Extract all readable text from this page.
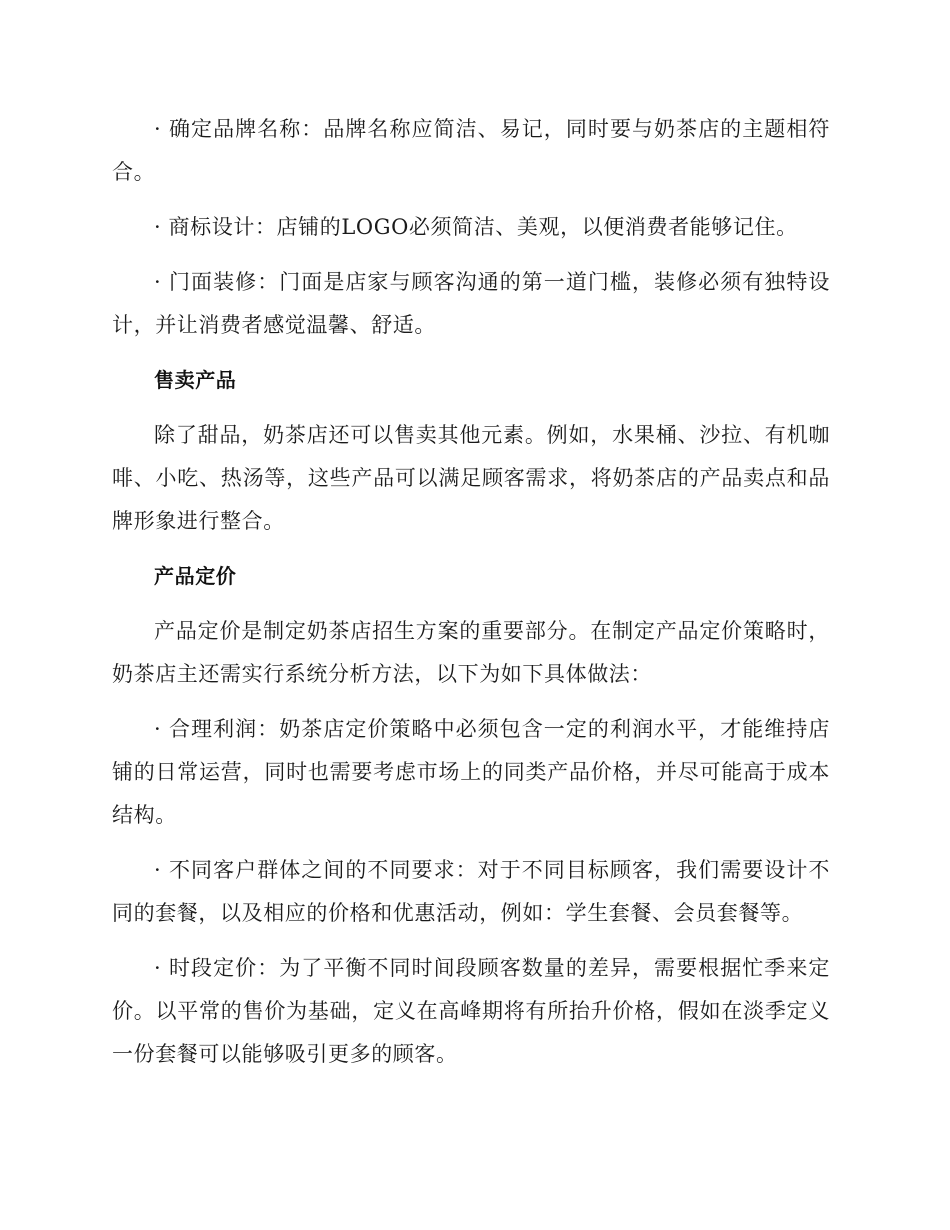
· 确定品牌名称：品牌名称应简洁、易记，同时要与奶茶店的主题相符合。

· 商标设计：店铺的LOGO必须简洁、美观，以便消费者能够记住。

· 门面装修：门面是店家与顾客沟通的第一道门槛，装修必须有独特设计，并让消费者感觉温馨、舒适。

售卖产品

除了甜品，奶茶店还可以售卖其他元素。例如，水果桶、沙拉、有机咖啡、小吃、热汤等，这些产品可以满足顾客需求，将奶茶店的产品卖点和品牌形象进行整合。

产品定价

产品定价是制定奶茶店招生方案的重要部分。在制定产品定价策略时，奶茶店主还需实行系统分析方法，以下为如下具体做法：

· 合理利润：奶茶店定价策略中必须包含一定的利润水平，才能维持店铺的日常运营，同时也需要考虑市场上的同类产品价格，并尽可能高于成本结构。

· 不同客户群体之间的不同要求：对于不同目标顾客，我们需要设计不同的套餐，以及相应的价格和优惠活动，例如：学生套餐、会员套餐等。

· 时段定价：为了平衡不同时间段顾客数量的差异，需要根据忙季来定价。以平常的售价为基础，定义在高峰期将有所抬升价格，假如在淡季定义一份套餐可以能够吸引更多的顾客。
